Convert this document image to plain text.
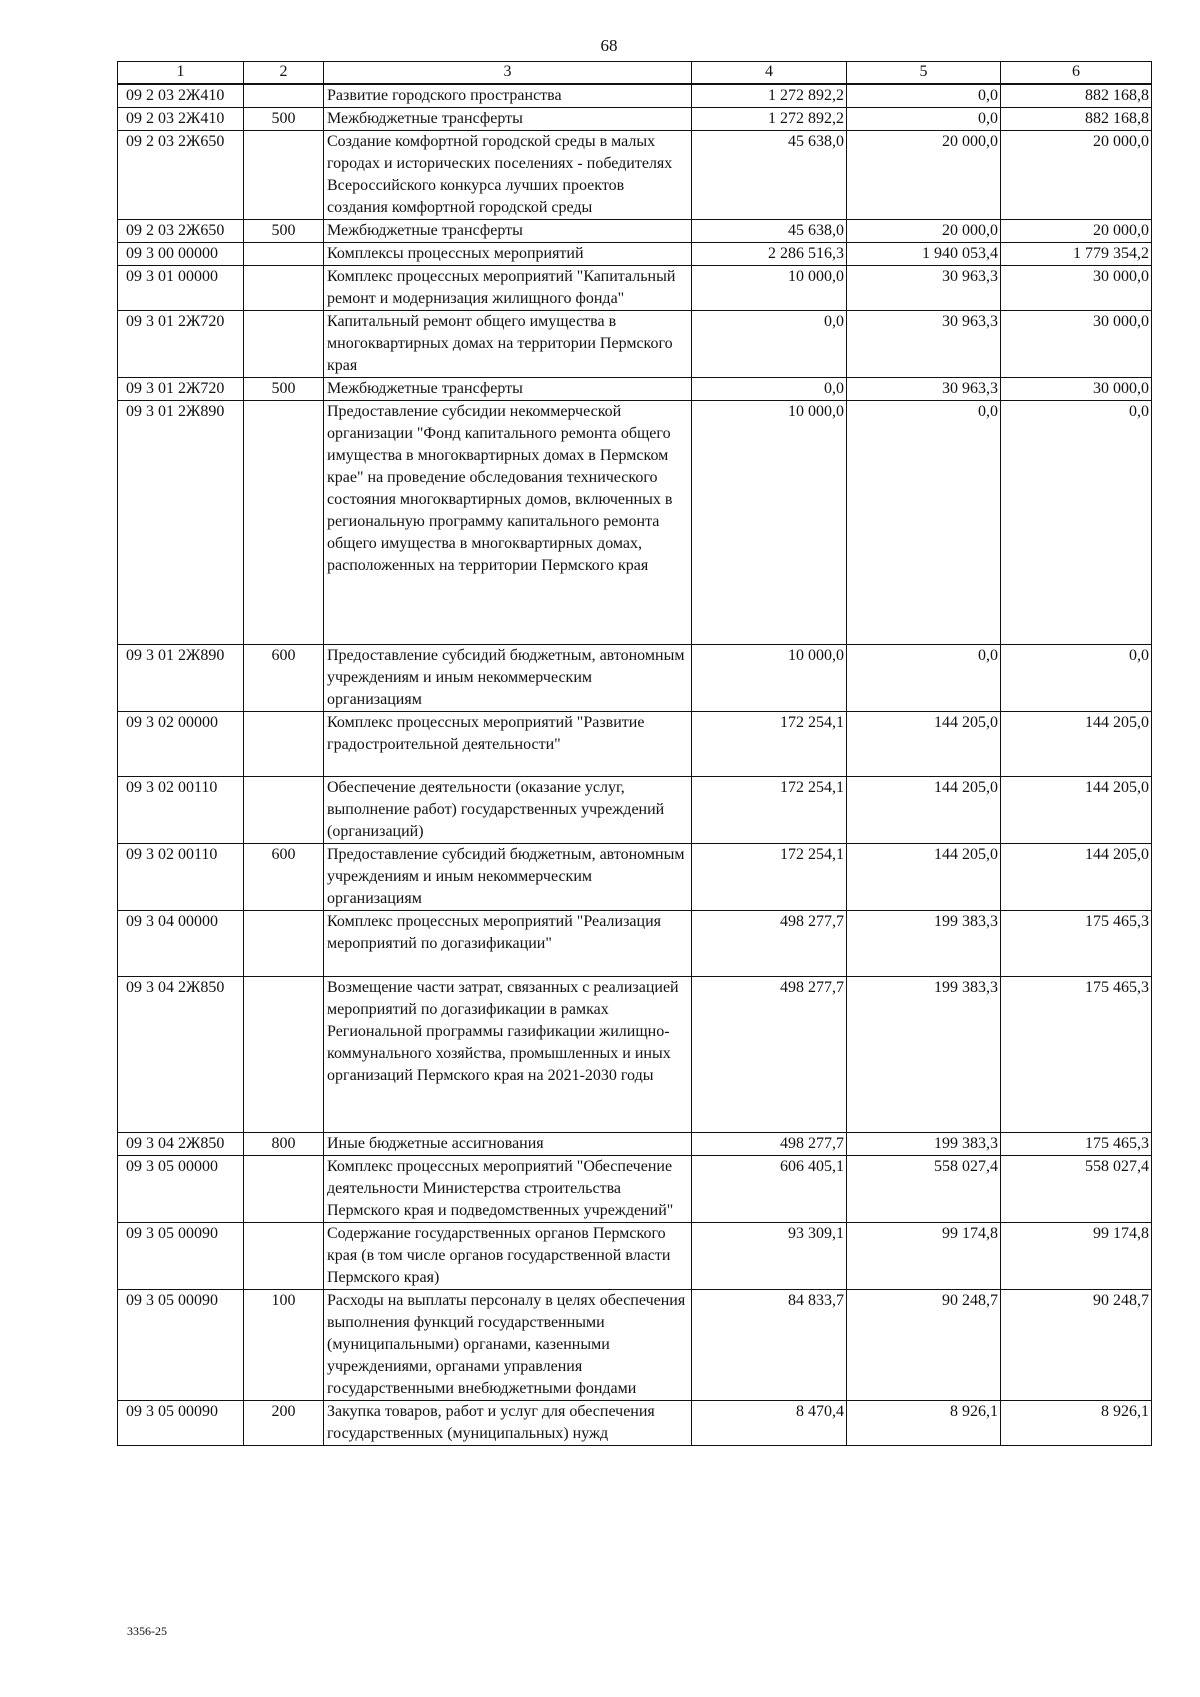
68
1	2	3	4	5	6
09 2 03 2Ж410		Развитие городского пространства	1 272 892,2	0,0	882 168,8
09 2 03 2Ж410	500	Межбюджетные трансферты	1 272 892,2	0,0	882 168,8
09 2 03 2Ж650		Создание комфортной городской среды в малых городах и исторических поселениях - победителях Всероссийского конкурса лучших проектов создания комфортной городской среды	45 638,0	20 000,0	20 000,0
09 2 03 2Ж650	500	Межбюджетные трансферты	45 638,0	20 000,0	20 000,0
09 3 00 00000		Комплексы процессных мероприятий	2 286 516,3	1 940 053,4	1 779 354,2
09 3 01 00000		Комплекс процессных мероприятий "Капитальный ремонт и модернизация жилищного фонда"	10 000,0	30 963,3	30 000,0
09 3 01 2Ж720		Капитальный ремонт общего имущества в многоквартирных домах на территории Пермского края	0,0	30 963,3	30 000,0
09 3 01 2Ж720	500	Межбюджетные трансферты	0,0	30 963,3	30 000,0
09 3 01 2Ж890		Предоставление субсидии некоммерческой организации "Фонд капитального ремонта общего имущества в многоквартирных домах в Пермском крае" на проведение обследования технического состояния многоквартирных домов, включенных в региональную программу капитального ремонта общего имущества в многоквартирных домах, расположенных на территории Пермского края	10 000,0	0,0	0,0
09 3 01 2Ж890	600	Предоставление субсидий бюджетным, автономным учреждениям и иным некоммерческим организациям	10 000,0	0,0	0,0
09 3 02 00000		Комплекс процессных мероприятий "Развитие градостроительной деятельности"	172 254,1	144 205,0	144 205,0
09 3 02 00110		Обеспечение деятельности (оказание услуг, выполнение работ) государственных учреждений (организаций)	172 254,1	144 205,0	144 205,0
09 3 02 00110	600	Предоставление субсидий бюджетным, автономным учреждениям и иным некоммерческим организациям	172 254,1	144 205,0	144 205,0
09 3 04 00000		Комплекс процессных мероприятий "Реализация мероприятий по догазификации"	498 277,7	199 383,3	175 465,3
09 3 04 2Ж850		Возмещение части затрат, связанных с реализацией мероприятий по догазификации в рамках Региональной программы газификации жилищно-коммунального хозяйства, промышленных и иных организаций Пермского края на 2021-2030 годы	498 277,7	199 383,3	175 465,3
09 3 04 2Ж850	800	Иные бюджетные ассигнования	498 277,7	199 383,3	175 465,3
09 3 05 00000		Комплекс процессных мероприятий "Обеспечение деятельности Министерства строительства Пермского края и подведомственных учреждений"	606 405,1	558 027,4	558 027,4
09 3 05 00090		Содержание государственных органов Пермского края (в том числе органов государственной власти Пермского края)	93 309,1	99 174,8	99 174,8
09 3 05 00090	100	Расходы на выплаты персоналу в целях обеспечения выполнения функций государственными (муниципальными) органами, казенными учреждениями, органами управления государственными внебюджетными фондами	84 833,7	90 248,7	90 248,7
09 3 05 00090	200	Закупка товаров, работ и услуг для обеспечения государственных (муниципальных) нужд	8 470,4	8 926,1	8 926,1
3356-25
